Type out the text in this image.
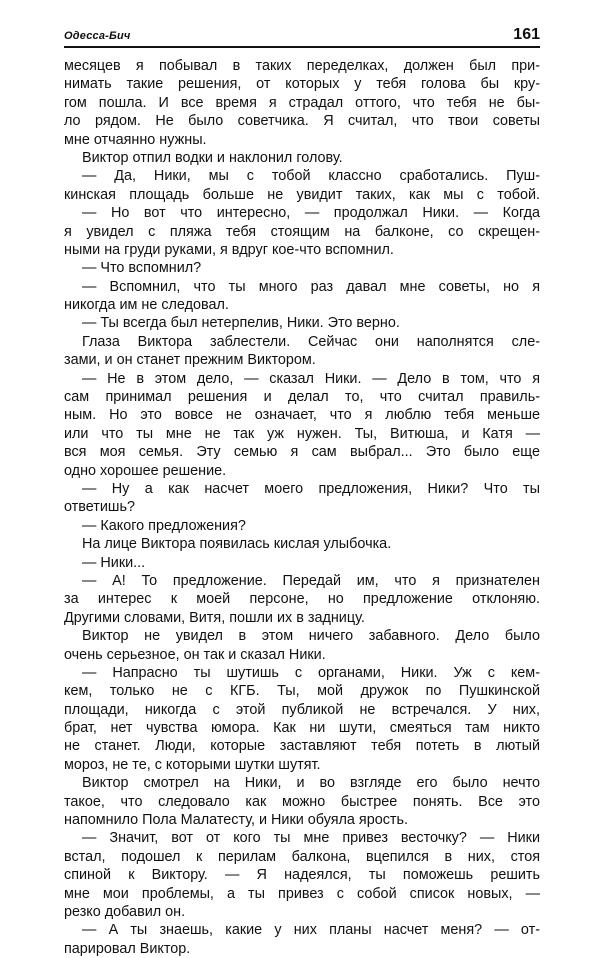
Одесса-Бич	161
месяцев я побывал в таких переделках, должен был при-
нимать такие решения, от которых у тебя голова бы кру-
гом пошла. И все время я страдал оттого, что тебя не бы-
ло рядом. Не было советчика. Я считал, что твои советы
мне отчаянно нужны.
Виктор отпил водки и наклонил голову.
— Да, Ники, мы с тобой классно сработались. Пуш-
кинская площадь больше не увидит таких, как мы с тобой.
— Но вот что интересно, — продолжал Ники. — Когда
я увидел с пляжа тебя стоящим на балконе, со скрещен-
ными на груди руками, я вдруг кое-что вспомнил.
— Что вспомнил?
— Вспомнил, что ты много раз давал мне советы, но я
никогда им не следовал.
— Ты всегда был нетерпелив, Ники. Это верно.
Глаза Виктора заблестели. Сейчас они наполнятся сле-
зами, и он станет прежним Виктором.
— Не в этом дело, — сказал Ники. — Дело в том, что я
сам принимал решения и делал то, что считал правиль-
ным. Но это вовсе не означает, что я люблю тебя меньше
или что ты мне не так уж нужен. Ты, Витюша, и Катя —
вся моя семья. Эту семью я сам выбрал... Это было еще
одно хорошее решение.
— Ну а как насчет моего предложения, Ники? Что ты
ответишь?
— Какого предложения?
На лице Виктора появилась кислая улыбочка.
— Ники...
— А! То предложение. Передай им, что я признателен
за интерес к моей персоне, но предложение отклоняю.
Другими словами, Витя, пошли их в задницу.
Виктор не увидел в этом ничего забавного. Дело было
очень серьезное, он так и сказал Ники.
— Напрасно ты шутишь с органами, Ники. Уж с кем-
кем, только не с КГБ. Ты, мой дружок по Пушкинской
площади, никогда с этой публикой не встречался. У них,
брат, нет чувства юмора. Как ни шути, смеяться там никто
не станет. Люди, которые заставляют тебя потеть в лютый
мороз, не те, с которыми шутки шутят.
Виктор смотрел на Ники, и во взгляде его было нечто
такое, что следовало как можно быстрее понять. Все это
напомнило Пола Малатесту, и Ники обуяла ярость.
— Значит, вот от кого ты мне привез весточку? — Ники
встал, подошел к перилам балкона, вцепился в них, стоя
спиной к Виктору. — Я надеялся, ты поможешь решить
мне мои проблемы, а ты привез с собой список новых, —
резко добавил он.
— А ты знаешь, какие у них планы насчет меня? — от-
парировал Виктор.
